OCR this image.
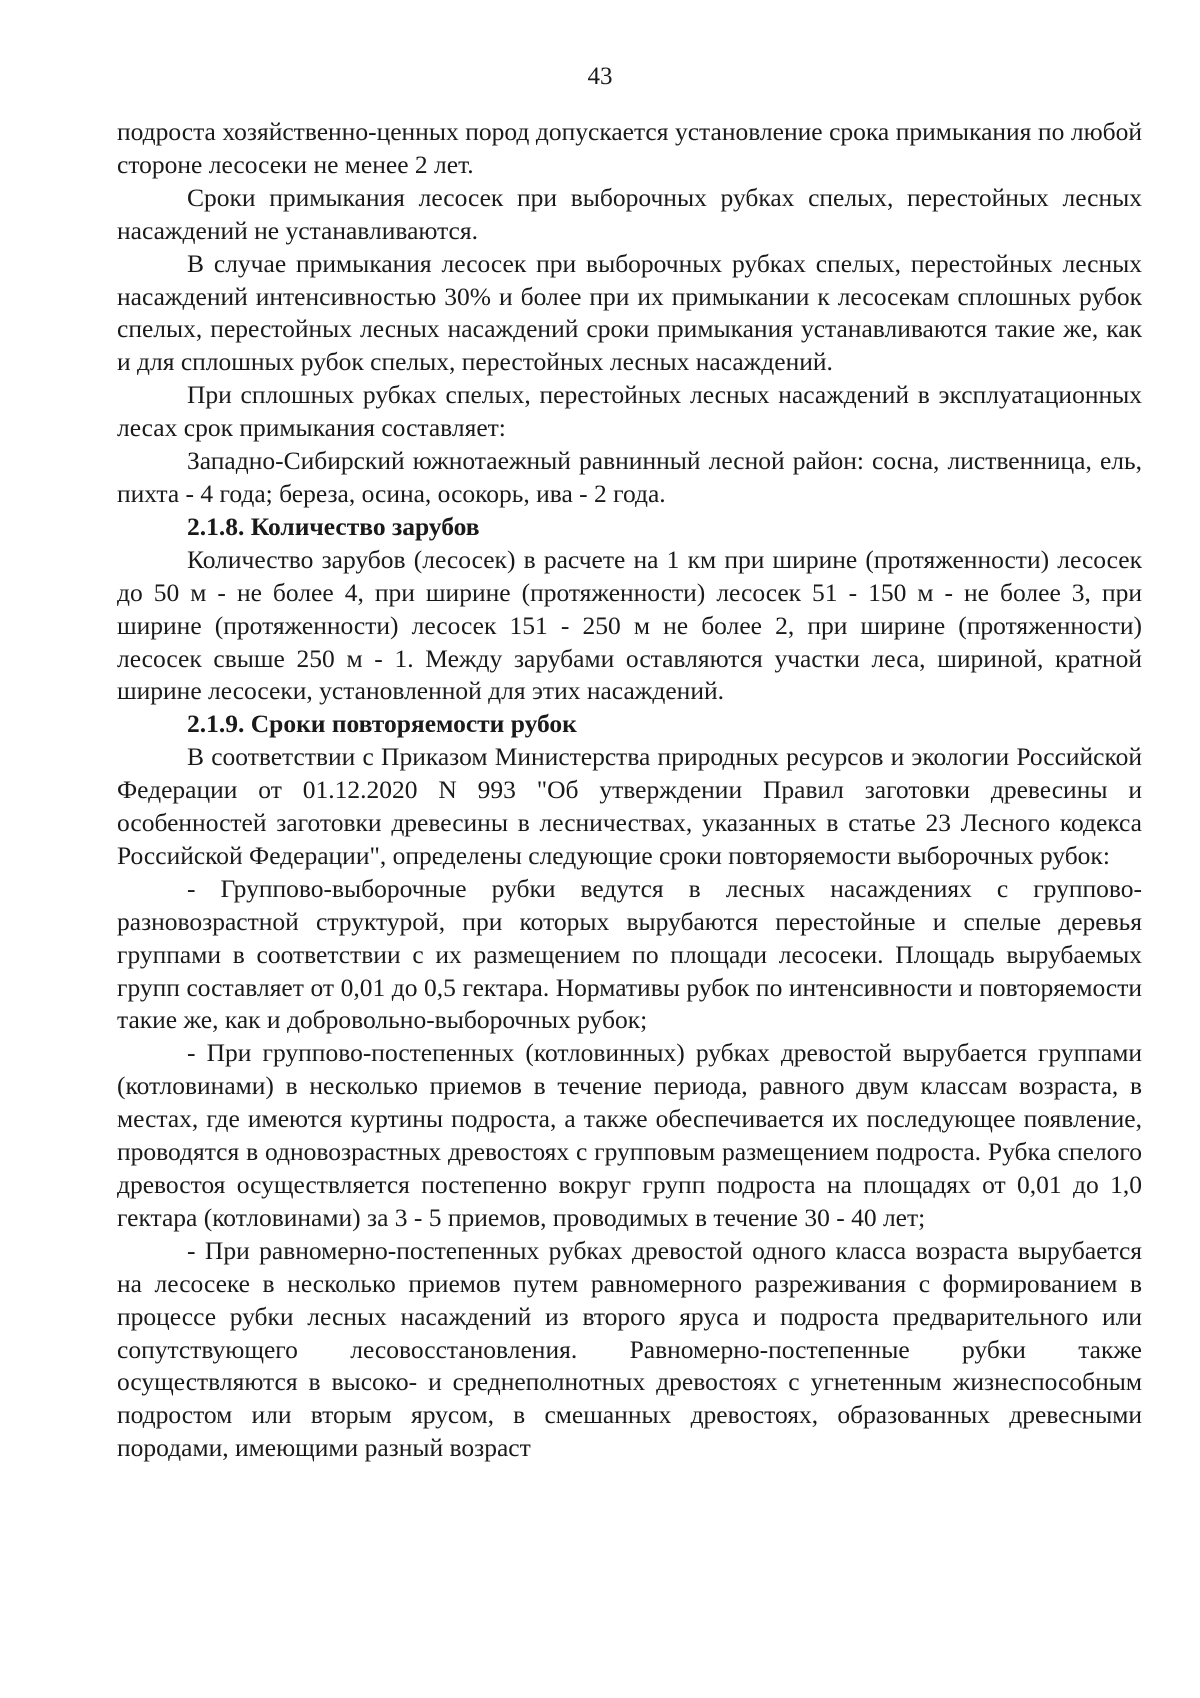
43

подроста хозяйственно-ценных пород допускается установление срока примыкания по любой стороне лесосеки не менее 2 лет.

Сроки примыкания лесосек при выборочных рубках спелых, перестойных лесных насаждений не устанавливаются.

В случае примыкания лесосек при выборочных рубках спелых, перестойных лесных насаждений интенсивностью 30% и более при их примыкании к лесосекам сплошных рубок спелых, перестойных лесных насаждений сроки примыкания устанавливаются такие же, как и для сплошных рубок спелых, перестойных лесных насаждений.

При сплошных рубках спелых, перестойных лесных насаждений в эксплуатационных лесах срок примыкания составляет:

Западно-Сибирский южнотаежный равнинный лесной район: сосна, лиственница, ель, пихта - 4 года; береза, осина, осокорь, ива - 2 года.

2.1.8. Количество зарубов

Количество зарубов (лесосек) в расчете на 1 км при ширине (протяженности) лесосек до 50 м - не более 4, при ширине (протяженности) лесосек 51 - 150 м - не более 3, при ширине (протяженности) лесосек 151 - 250 м не более 2, при ширине (протяженности) лесосек свыше 250 м - 1. Между зарубами оставляются участки леса, шириной, кратной ширине лесосеки, установленной для этих насаждений.

2.1.9. Сроки повторяемости рубок

В соответствии с Приказом Министерства природных ресурсов и экологии Российской Федерации от 01.12.2020 N 993 "Об утверждении Правил заготовки древесины и особенностей заготовки древесины в лесничествах, указанных в статье 23 Лесного кодекса Российской Федерации", определены следующие сроки повторяемости выборочных рубок:

- Группово-выборочные рубки ведутся в лесных насаждениях с группово-разновозрастной структурой, при которых вырубаются перестойные и спелые деревья группами в соответствии с их размещением по площади лесосеки. Площадь вырубаемых групп составляет от 0,01 до 0,5 гектара. Нормативы рубок по интенсивности и повторяемости такие же, как и добровольно-выборочных рубок;

- При группово-постепенных (котловинных) рубках древостой вырубается группами (котловинами) в несколько приемов в течение периода, равного двум классам возраста, в местах, где имеются куртины подроста, а также обеспечивается их последующее появление, проводятся в одновозрастных древостоях с групповым размещением подроста. Рубка спелого древостоя осуществляется постепенно вокруг групп подроста на площадях от 0,01 до 1,0 гектара (котловинами) за 3 - 5 приемов, проводимых в течение 30 - 40 лет;

- При равномерно-постепенных рубках древостой одного класса возраста вырубается на лесосеке в несколько приемов путем равномерного разреживания с формированием в процессе рубки лесных насаждений из второго яруса и подроста предварительного или сопутствующего лесовосстановления. Равномерно-постепенные рубки также осуществляются в высоко- и среднеполнотных древостоях с угнетенным жизнеспособным подростом или вторым ярусом, в смешанных древостоях, образованных древесными породами, имеющими разный возраст
